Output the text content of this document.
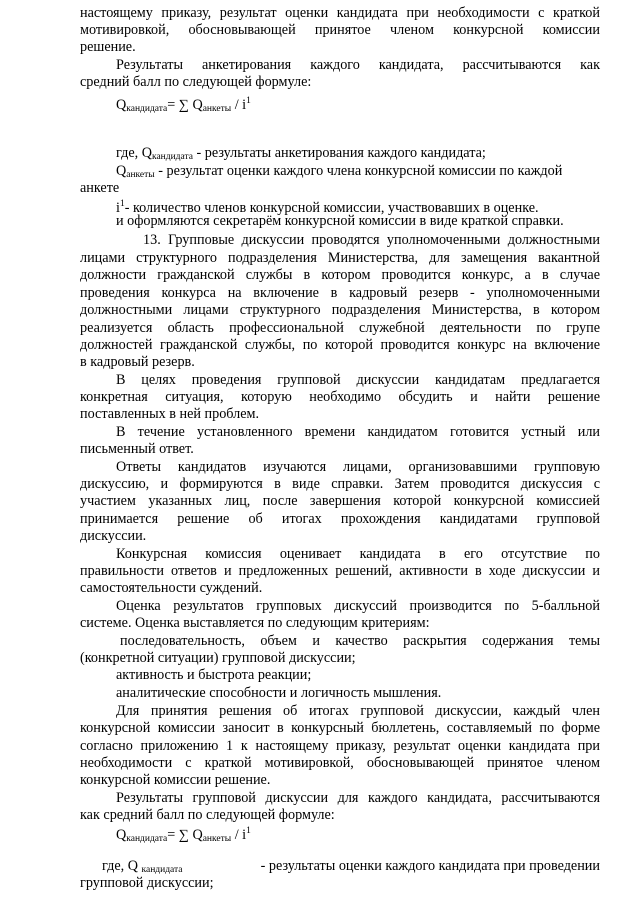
настоящему приказу, результат оценки кандидата при необходимости с краткой
мотивировкой, обосновывающей принятое членом конкурсной комиссии
решение.
Результаты анкетирования каждого кандидата, рассчитываются как
средний балл по следующей формуле:
$Q_{кандидата}=$ ∑ $Q_{анкеты} / i^1$
где, $Q_{кандидата}$ - результаты анкетирования каждого кандидата;
$Q_{анкеты}$ - результат оценки каждого члена конкурсной комиссии по каждой
анкете
$i^1-$ количество членов конкурсной комиссии, участвовавших в оценке.
и оформляются секретарём конкурсной комиссии в виде краткой справки.
13. Групповые дискуссии проводятся уполномоченными должностными
лицами структурного подразделения Министерства, для замещения вакантной
должности гражданской службы в котором проводится конкурс, а в случае
проведения конкурса на включение в кадровый резерв - уполномоченными
должностными лицами структурного подразделения Министерства, в котором
реализуется область профессиональной служебной деятельности по групе
должностей гражданской службы, по которой проводится конкурс на включение
в кадровый резерв.
В целях проведения групповой дискуссии кандидатам предлагается
конкретная ситуация, которую необходимо обсудить и найти решение
поставленных в ней проблем.
В течение установленного времени кандидатом готовится устный или
письменный ответ.
Ответы кандидатов изучаются лицами, организовавшими групповую
дискуссию, и формируются в виде справки. Затем проводится дискуссия с
участием указанных лиц, после завершения которой конкурсной комиссией
принимается решение об итогах прохождения кандидатами групповой
дискуссии.
Конкурсная комиссия оценивает кандидата в его отсутствие по
правильности ответов и предложенных решений, активности в ходе дискуссии и
самостоятельности суждений.
Оценка результатов групповых дискуссий производится по 5-балльной
системе. Оценка выставляется по следующим критериям:
последовательность, объем и качество раскрытия содержания темы
(конкретной ситуации) групповой дискуссии;
активность и быстрота реакции;
аналитические способности и логичность мышления.
Для принятия решения об итогах групповой дискуссии, каждый член
конкурсной комиссии заносит в конкурсный бюллетень, составляемый по форме
согласно приложению 1 к настоящему приказу, результат оценки кандидата при
необходимости с краткой мотивировкой, обосновывающей принятое членом
конкурсной комиссии решение.
Результаты групповой дискуссии для каждого кандидата, рассчитываются
как средний балл по следующей формуле:
$Q_{кандидата}=$ ∑ $Q_{анкеты} / i^1$
где, Q $_{кандидата}$	- результаты оценки каждого кандидата при проведении
групповой дискуссии;
